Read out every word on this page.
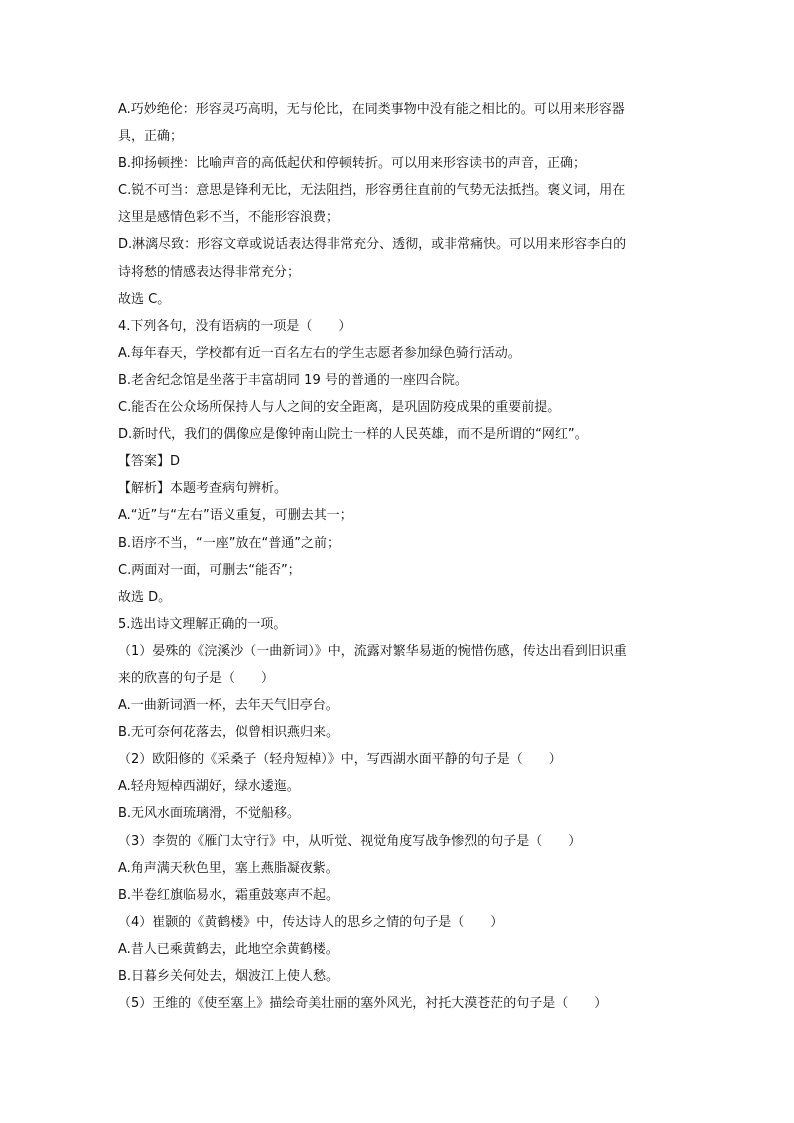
A.巧妙绝伦：形容灵巧高明，无与伦比，在同类事物中没有能之相比的。可以用来形容器

具，正确；

B.抑扬顿挫：比喻声音的高低起伏和停顿转折。可以用来形容读书的声音，正确；

C.锐不可当：意思是锋利无比，无法阻挡，形容勇往直前的气势无法抵挡。褒义词，用在

这里是感情色彩不当，不能形容浪费；

D.淋漓尽致：形容文章或说话表达得非常充分、透彻，或非常痛快。可以用来形容李白的

诗将愁的情感表达得非常充分；

故选 C。

4.下列各句，没有语病的一项是（　　）

A.每年春天，学校都有近一百名左右的学生志愿者参加绿色骑行活动。

B.老舍纪念馆是坐落于丰富胡同 19 号的普通的一座四合院。

C.能否在公众场所保持人与人之间的安全距离，是巩固防疫成果的重要前提。

D.新时代，我们的偶像应是像钟南山院士一样的人民英雄，而不是所谓的“网红”。

【答案】D

【解析】本题考查病句辨析。

A.“近”与“左右”语义重复，可删去其一；

B.语序不当，“一座”放在“普通”之前；

C.两面对一面，可删去“能否”；

故选 D。

5.选出诗文理解正确的一项。

（1）晏殊的《浣溪沙（一曲新词）》中，流露对繁华易逝的惋惜伤感，传达出看到旧识重

来的欣喜的句子是（　　）

A.一曲新词酒一杯，去年天气旧亭台。

B.无可奈何花落去，似曾相识燕归来。

（2）欧阳修的《采桑子（轻舟短棹）》中，写西湖水面平静的句子是（　　）

A.轻舟短棹西湖好，绿水逶迤。

B.无风水面琉璃滑，不觉船移。

（3）李贺的《雁门太守行》中，从听觉、视觉角度写战争惨烈的句子是（　　）

A.角声满天秋色里，塞上燕脂凝夜紫。

B.半卷红旗临易水，霜重鼓寒声不起。

（4）崔颢的《黄鹤楼》中，传达诗人的思乡之情的句子是（　　）

A.昔人已乘黄鹤去，此地空余黄鹤楼。

B.日暮乡关何处去，烟波江上使人愁。

（5）王维的《使至塞上》描绘奇美壮丽的塞外风光，衬托大漠苍茫的句子是（　　）
